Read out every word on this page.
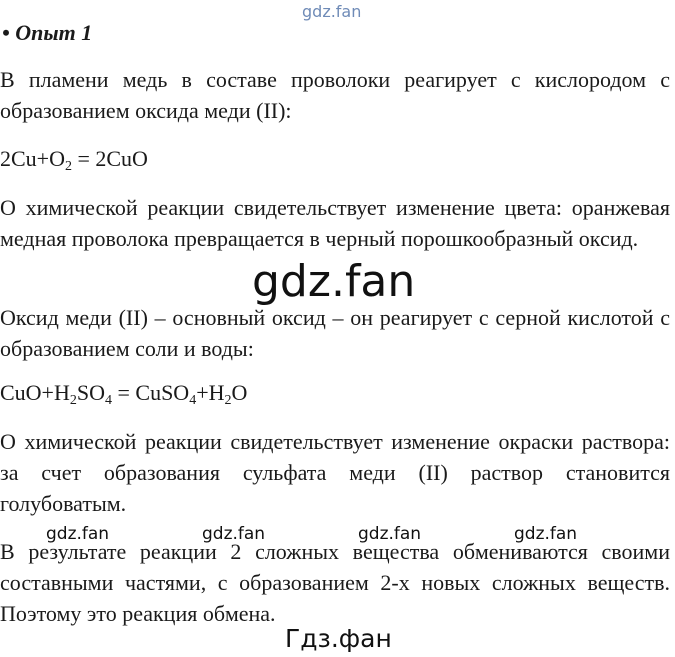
gdz.fan
• Опыт 1
В пламени медь в составе проволоки реагирует с кислородом с образованием оксида меди (II):
$2Cu+O_2 = 2CuO$
О химической реакции свидетельствует изменение цвета: оранжевая медная проволока превращается в черный порошкообразный оксид.
Оксид меди (II) – основный оксид – он реагирует с серной кислотой с образованием соли и воды:
$CuO+H_2SO_4$ = $CuSO_4+H_2O$
О химической реакции свидетельствует изменение окраски раствора: за счет образования сульфата меди (II) раствор становится голубоватым.
В результате реакции 2 сложных вещества обмениваются своими составными частями, с образованием 2-х новых сложных веществ. Поэтому это реакция обмена.
gdz.fan
gdz.fan	gdz.fan	gdz.fan	gdz.fan
Гдз.фан
